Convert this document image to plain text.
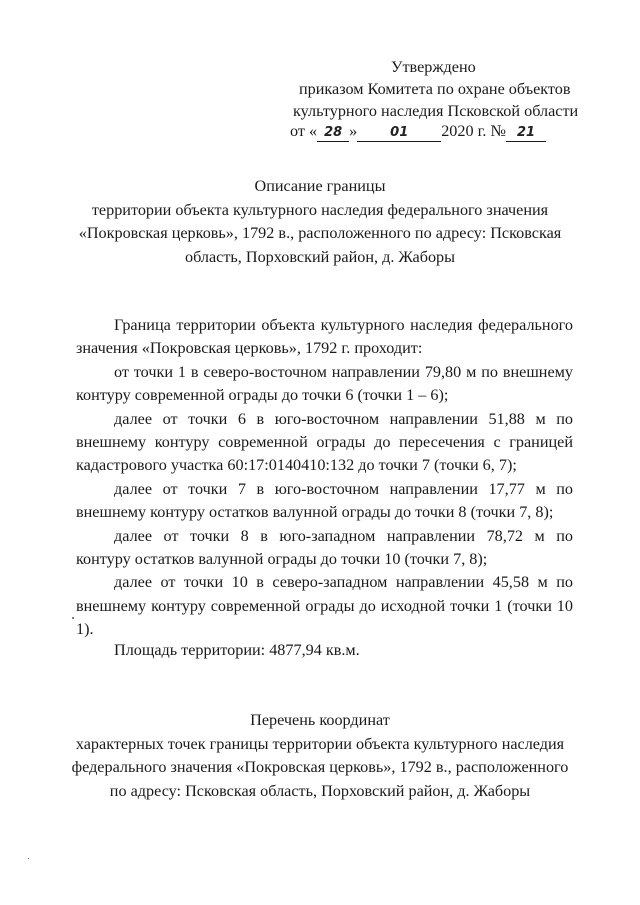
Утверждено
приказом Комитета по охране объектов
культурного наследия Псковской области
от « 28 »	01 2020 г. № 21
Описание границы
территории объекта культурного наследия федерального значения
«Покровская церковь», 1792 в., расположенного по адресу: Псковская
область, Порховский район, д. Жаборы
Граница территории объекта культурного наследия федерального
значения «Покровская церковь», 1792 г. проходит:
от точки 1 в северо-восточном направлении 79,80 м по внешнему
контуру современной ограды до точки 6 (точки 1 – 6);
далее от точки 6 в юго-восточном направлении 51,88 м по
внешнему контуру современной ограды до пересечения с границей
кадастрового участка 60:17:0140410:132 до точки 7 (точки 6, 7);
далее от точки 7 в юго-восточном направлении 17,77 м по
внешнему контуру остатков валунной ограды до точки 8 (точки 7, 8);
далее от точки 8 в юго-западном направлении 78,72 м по
контуру остатков валунной ограды до точки 10 (точки 7, 8);
далее от точки 10 в северо-западном направлении 45,58 м по
внешнему контуру современной ограды до исходной точки 1 (точки 10
1).
Площадь территории: 4877,94 кв.м.
Перечень координат
характерных точек границы территории объекта культурного наследия
федерального значения «Покровская церковь», 1792 в., расположенного
по адресу: Псковская область, Порховский район, д. Жаборы
